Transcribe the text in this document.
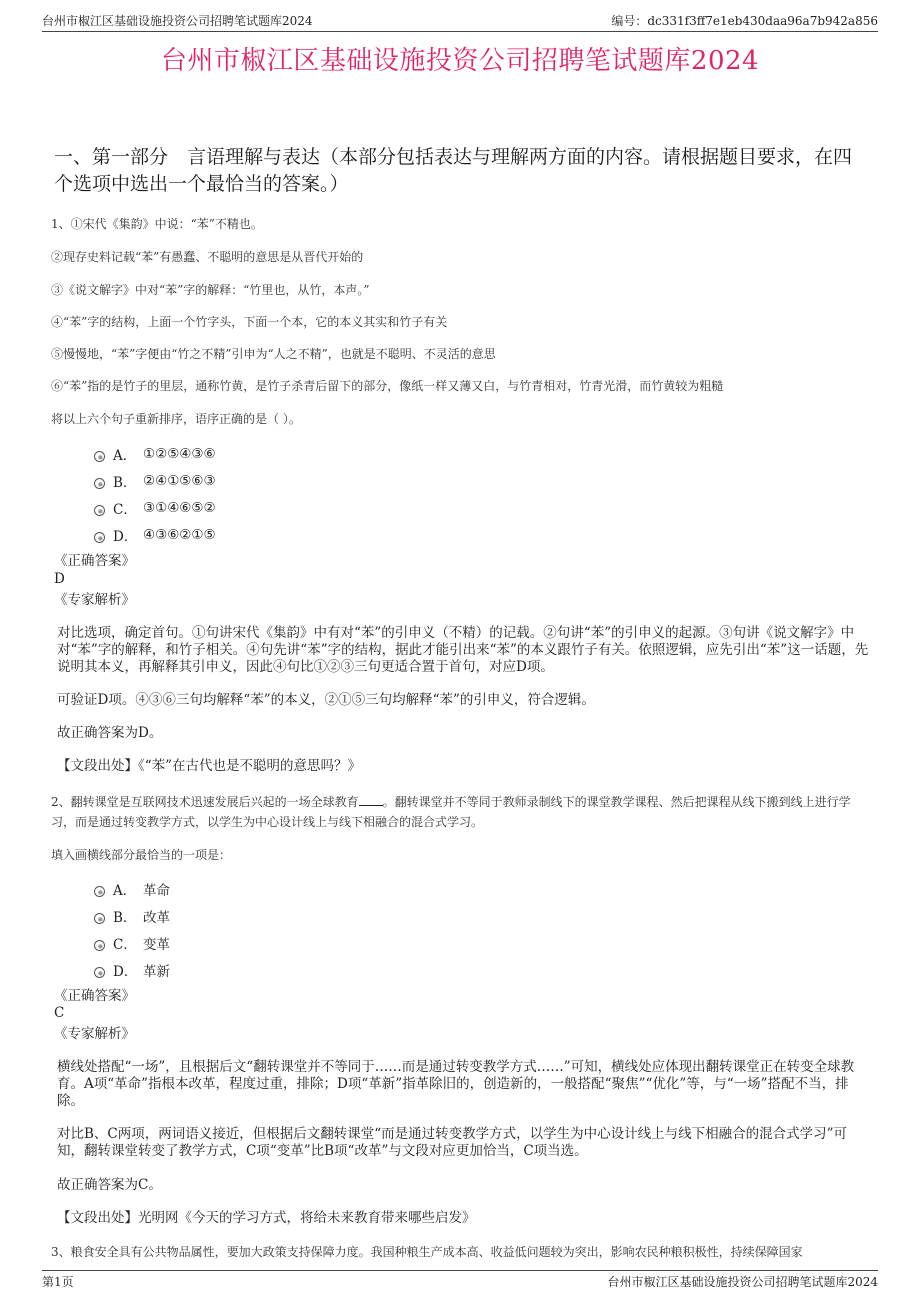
台州市椒江区基础设施投资公司招聘笔试题库2024	编号：dc331f3ff7e1eb430daa96a7b942a856
台州市椒江区基础设施投资公司招聘笔试题库2024
一、第一部分　言语理解与表达（本部分包括表达与理解两方面的内容。请根据题目要求，在四个选项中选出一个最恰当的答案。）
1、①宋代《集韵》中说：“苯”不精也。
②现存史料记载“苯”有愚蠢、不聪明的意思是从晋代开始的
③《说文解字》中对“苯”字的解释：“竹里也，从竹，本声。”
④“苯”字的结构，上面一个竹字头，下面一个本，它的本义其实和竹子有关
⑤慢慢地，“苯”字便由“竹之不精”引申为“人之不精”，也就是不聪明、不灵活的意思
⑥“苯”指的是竹子的里层，通称竹黄，是竹子杀青后留下的部分，像纸一样又薄又白，与竹青相对，竹青光滑，而竹黄较为粗糙
将以上六个句子重新排序，语序正确的是（ ）。
A． ①②⑤④③⑥
B． ②④①⑤⑥③
C． ③①④⑥⑤②
D． ④③⑥②①⑤
《正确答案》
D
《专家解析》
对比选项，确定首句。①句讲宋代《集韵》中有对“苯”的引申义（不精）的记载。②句讲“苯”的引申义的起源。③句讲《说文解字》中对“苯”字的解释，和竹子相关。④句先讲“苯”字的结构，据此才能引出来“苯”的本义跟竹子有关。依照逻辑，应先引出“苯”这一话题，先说明其本义，再解释其引申义，因此④句比①②③三句更适合置于首句，对应D项。
可验证D项。④③⑥三句均解释“苯”的本义，②①⑤三句均解释“苯”的引申义，符合逻辑。
故正确答案为D。
【文段出处】《“苯”在古代也是不聪明的意思吗？》
2、翻转课堂是互联网技术迅速发展后兴起的一场全球教育 。翻转课堂并不等同于教师录制线下的课堂教学课程、然后把课程从线下搬到线上进行学习，而是通过转变教学方式，以学生为中心设计线上与线下相融合的混合式学习。
填入画横线部分最恰当的一项是：
A． 革命
B． 改革
C． 变革
D． 革新
《正确答案》
C
《专家解析》
横线处搭配“一场”，且根据后文“翻转课堂并不等同于……而是通过转变教学方式……”可知，横线处应体现出翻转课堂正在转变全球教育。A项“革命”指根本改革，程度过重，排除；D项“革新”指革除旧的，创造新的，一般搭配“聚焦”“优化”等，与“一场”搭配不当，排除。
对比B、C两项，两词语义接近，但根据后文翻转课堂“而是通过转变教学方式，以学生为中心设计线上与线下相融合的混合式学习”可知，翻转课堂转变了教学方式，C项“变革”比B项“改革”与文段对应更加恰当，C项当选。
故正确答案为C。
【文段出处】光明网《今天的学习方式，将给未来教育带来哪些启发》
3、粮食安全具有公共物品属性，要加大政策支持保障力度。我国种粮生产成本高、收益低问题较为突出，影响农民种粮积极性，持续保障国家
第1页	台州市椒江区基础设施投资公司招聘笔试题库2024
